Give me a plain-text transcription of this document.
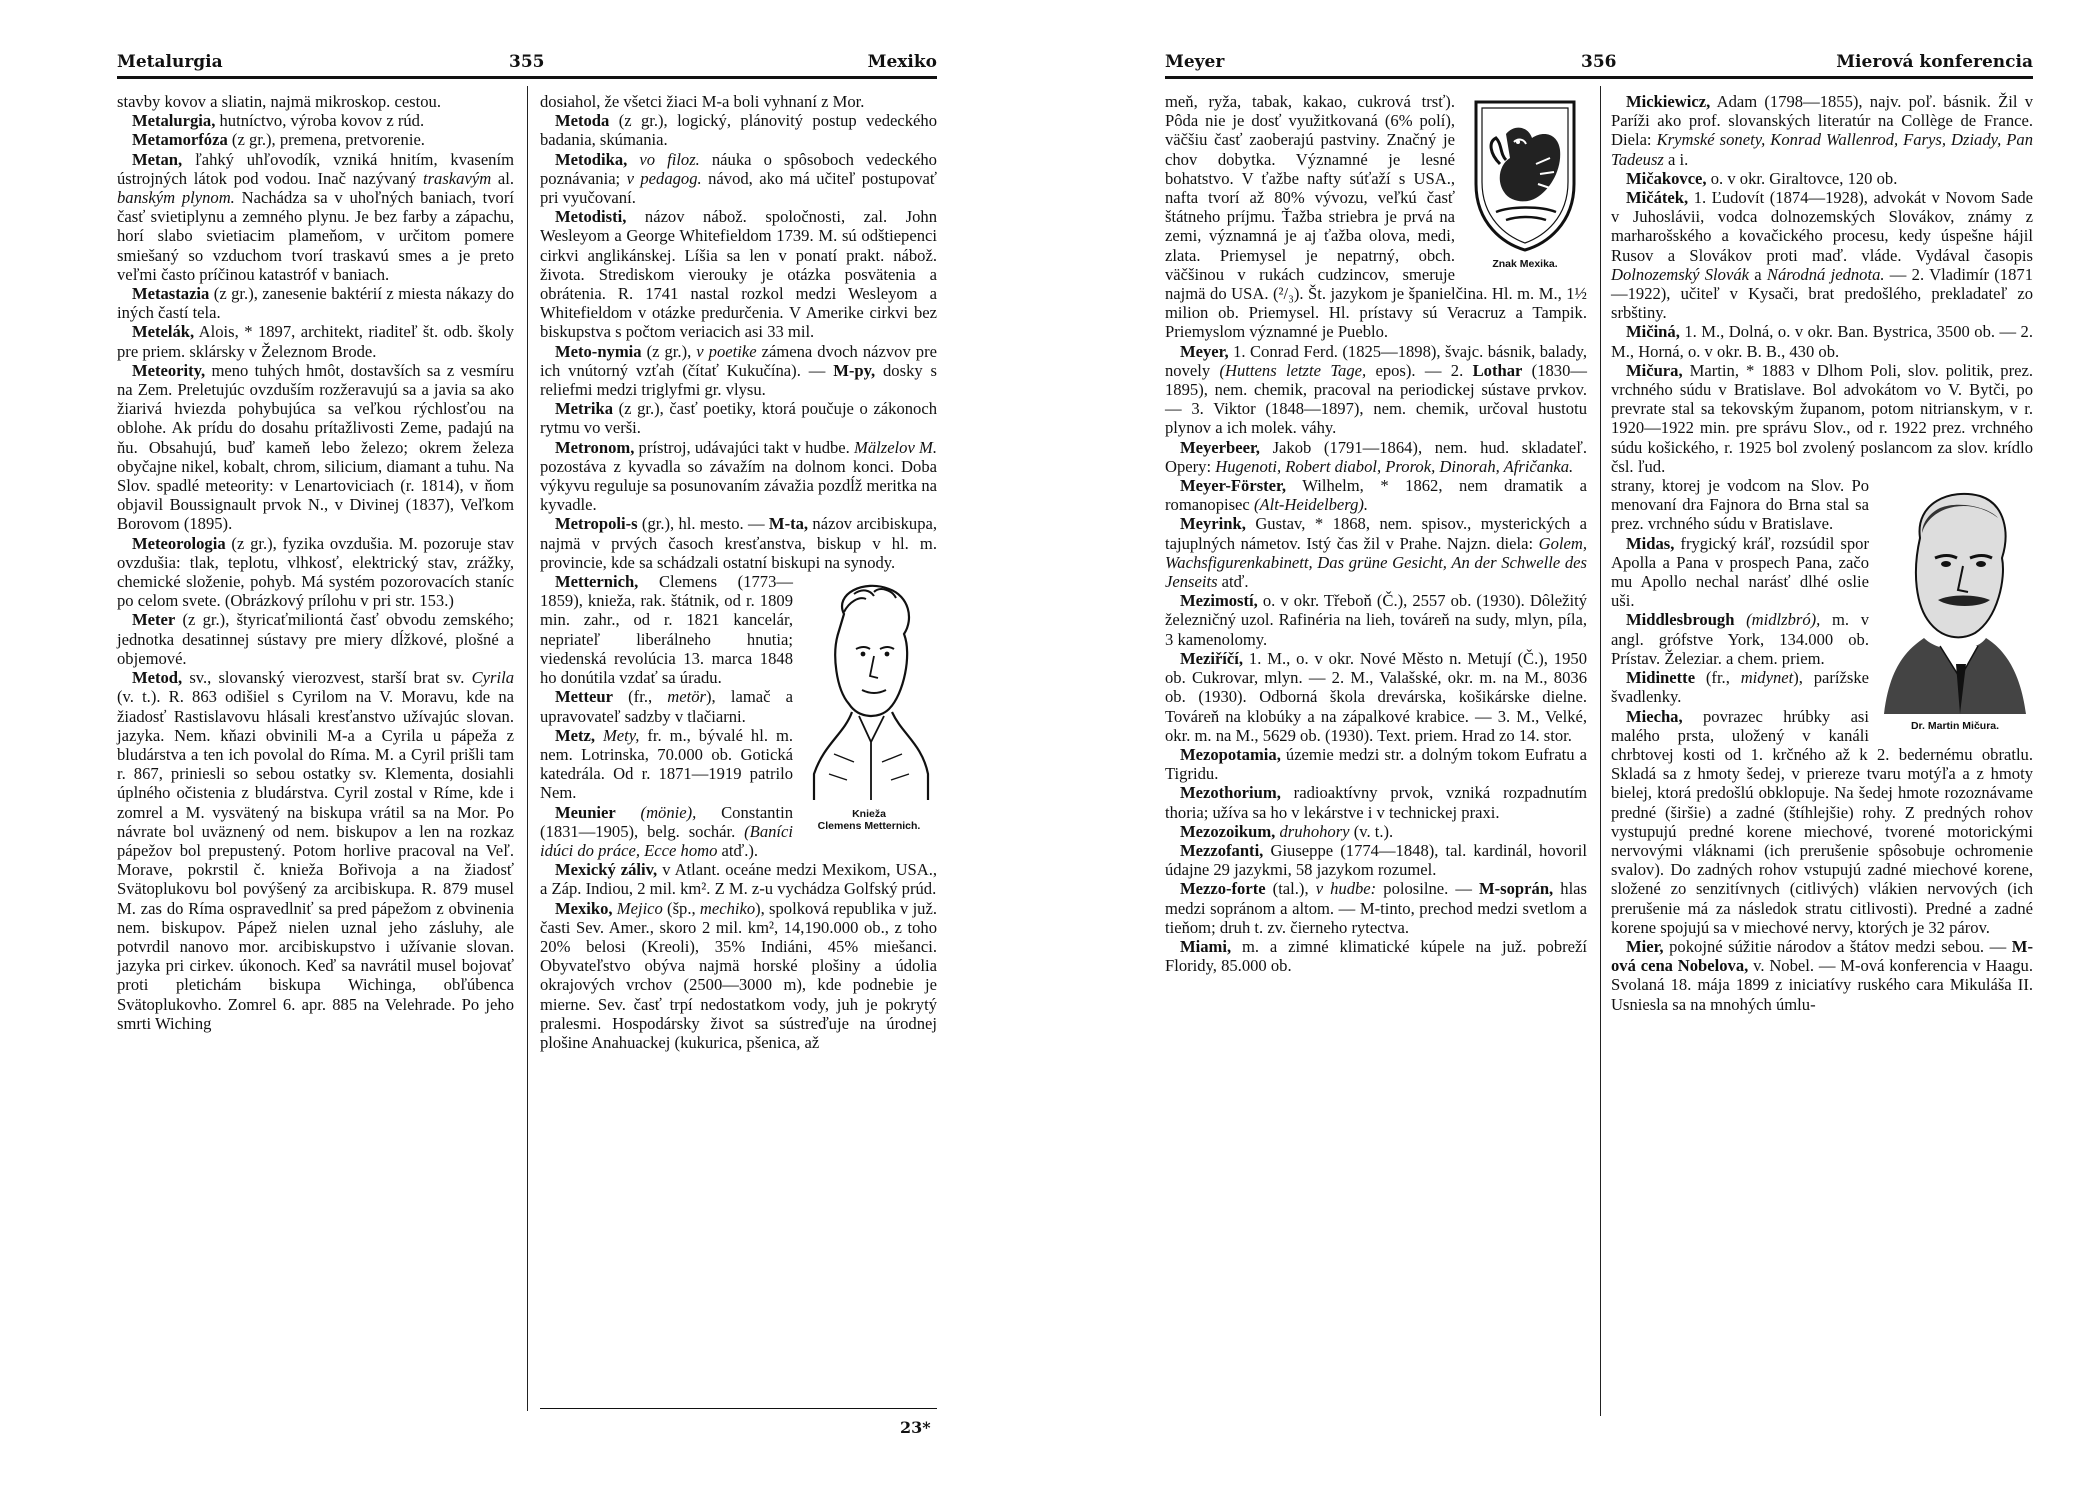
Metalurgia	355	Mexiko

stavby kovov a sliatin, najmä mikroskop. cestou.

Metalurgia, hutníctvo, výroba kovov z rúd.

Metamorfóza (z gr.), premena, pretvorenie.

Metan, ľahký uhľovodík, vzniká hnitím, kvasením ústrojných látok pod vodou. Inač nazývaný traskavým al. banským plynom. Nachádza sa v uhoľných baniach, tvorí časť svietiplynu a zemného plynu. Je bez farby a zápachu, horí slabo svietiacim plameňom, v určitom pomere smiešaný so vzduchom tvorí traskavú smes a je preto veľmi často príčinou katastróf v baniach.

Metastazia (z gr.), zanesenie baktérií z miesta nákazy do iných častí tela.

Metelák, Alois, * 1897, architekt, riaditeľ št. odb. školy pre priem. sklársky v Železnom Brode.

Meteority, meno tuhých hmôt, dostavších sa z vesmíru na Zem. Preletujúc ovzduším rozžeravujú sa a javia sa ako žiarivá hviezda pohybujúca sa veľkou rýchlosťou na oblohe. Ak prídu do dosahu prítažlivosti Zeme, padajú na ňu. Obsahujú, buď kameň lebo železo; okrem železa obyčajne nikel, kobalt, chrom, silicium, diamant a tuhu. Na Slov. spadlé meteority: v Lenartoviciach (r. 1814), v ňom objavil Boussignault prvok N., v Divinej (1837), Veľkom Borovom (1895).

Meteorologia (z gr.), fyzika ovzdušia. M. pozoruje stav ovzdušia: tlak, teplotu, vlhkosť, elektrický stav, zrážky, chemické složenie, pohyb. Má systém pozorovacích staníc po celom svete. (Obrázkový prílohu v pri str. 153.)

Meter (z gr.), štyricaťmiliontá časť obvodu zemského; jednotka desatinnej sústavy pre miery dĺžkové, plošné a objemové.

Metod, sv., slovanský vierozvest, starší brat sv. Cyrila (v. t.). R. 863 odišiel s Cyrilom na V. Moravu, kde na žiadosť Rastislavovu hlásali kresťanstvo užívajúc slovan. jazyka. Nem. kňazi obvinili M-a a Cyrila u pápeža z bludárstva a ten ich povolal do Ríma. M. a Cyril prišli tam r. 867, priniesli so sebou ostatky sv. Klementa, dosiahli úplného očistenia z bludárstva. Cyril zostal v Ríme, kde i zomrel a M. vysvätený na biskupa vrátil sa na Mor. Po návrate bol uväznený od nem. biskupov a len na rozkaz pápežov bol prepustený. Potom horlive pracoval na Veľ. Morave, pokrstil č. knieža Bořivoja a na žiadosť Svätoplukovu bol povýšený za arcibiskupa. R. 879 musel M. zas do Ríma ospravedlniť sa pred pápežom z obvinenia nem. biskupov. Pápež nielen uznal jeho zásluhy, ale potvrdil nanovo mor. arcibiskupstvo i užívanie slovan. jazyka pri cirkev. úkonoch. Keď sa navrátil musel bojovať proti pletichám biskupa Wichinga, obľúbenca Svätoplukovho. Zomrel 6. apr. 885 na Velehrade. Po jeho smrti Wiching

dosiahol, že všetci žiaci M-a boli vyhnaní z Mor.

Metoda (z gr.), logický, plánovitý postup vedeckého badania, skúmania.

Metodika, vo filoz. náuka o spôsoboch vedeckého poznávania; v pedagog. návod, ako má učiteľ postupovať pri vyučovaní.

Metodisti, názov nábož. spoločnosti, zal. John Wesleyom a George Whitefieldom 1739. M. sú odštiepenci cirkvi anglikánskej. Líšia sa len v ponatí prakt. nábož. života. Strediskom vierouky je otázka posvätenia a obrátenia. R. 1741 nastal rozkol medzi Wesleyom a Whitefieldom v otázke predurčenia. V Amerike cirkvi bez biskupstva s počtom veriacich asi 33 mil.

Meto-nymia (z gr.), v poetike zámena dvoch názvov pre ich vnútorný vzťah (čítať Kukučína). — M-py, dosky s reliefmi medzi triglyfmi gr. vlysu.

Metrika (z gr.), časť poetiky, ktorá poučuje o zákonoch rytmu vo verši.

Metronom, prístroj, udávajúci takt v hudbe. Mälzelov M. pozostáva z kyvadla so závažím na dolnom konci. Doba výkyvu reguluje sa posunovaním závažia pozdĺž meritka na kyvadle.

Metropoli-s (gr.), hl. mesto. — M-ta, názov arcibiskupa, najmä v prvých časoch kresťanstva, biskup v hl. m. provincie, kde sa schádzali ostatní biskupi na synody.

Knieža
Clemens Metternich.

Metternich, Clemens (1773—1859), knieža, rak. štátnik, od r. 1809 min. zahr., od r. 1821 kancelár, nepriateľ liberálneho hnutia; viedenská revolúcia 13. marca 1848 ho donútila vzdať sa úradu.

Metteur (fr., metör), lamač a upravovateľ sadzby v tlačiarni.

Metz, Mety, fr. m., bývalé hl. m. nem. Lotrinska, 70.000 ob. Gotická katedrála. Od r. 1871—1919 patrilo Nem.

Meunier (mönie), Constantin (1831—1905), belg. sochár. (Baníci idúci do práce, Ecce homo atď.).

Mexický záliv, v Atlant. oceáne medzi Mexikom, USA., a Záp. Indiou, 2 mil. km². Z M. z-u vychádza Golfský prúd.

Mexiko, Mejico (šp., mechiko), spolková republika v juž. časti Sev. Amer., skoro 2 mil. km², 14,190.000 ob., z toho 20% belosi (Kreoli), 35% Indiáni, 45% miešanci. Obyvateľstvo obýva najmä horské plošiny a údolia okrajových vrchov (2500—3000 m), kde podnebie je mierne. Sev. časť trpí nedostatkom vody, juh je pokrytý pralesmi. Hospodársky život sa sústreďuje na úrodnej plošine Anahuackej (kukurica, pšenica, až

23*
Meyer	356	Mierová konferencia
Znak Mexika.

meň, ryža, tabak, kakao, cukrová trsť). Pôda nie je dosť využitkovaná (6% polí), väčšiu časť zaoberajú pastviny. Značný je chov dobytka. Významné je lesné bohatstvo. V ťažbe nafty súťaží s USA., nafta tvorí až 80% vývozu, veľkú časť štátneho príjmu. Ťažba striebra je prvá na zemi, významná je aj ťažba olova, medi, zlata. Priemysel je nepatrný, obch. väčšinou v rukách cudzincov, smeruje najmä do USA. (²/₃). Št. jazykom je španielčina. Hl. m. M., 1½ milion ob. Priemysel. Hl. prístavy sú Veracruz a Tampik. Priemyslom významné je Pueblo.

Meyer, 1. Conrad Ferd. (1825—1898), švajc. básnik, balady, novely (Huttens letzte Tage, epos). — 2. Lothar (1830—1895), nem. chemik, pracoval na periodickej sústave prvkov. — 3. Viktor (1848—1897), nem. chemik, určoval hustotu plynov a ich molek. váhy.

Meyerbeer, Jakob (1791—1864), nem. hud. skladateľ. Opery: Hugenoti, Robert diabol, Prorok, Dinorah, Afričanka.

Meyer-Förster, Wilhelm, * 1862, nem dramatik a romanopisec (Alt-Heidelberg).

Meyrink, Gustav, * 1868, nem. spisov., mysterických a tajuplných námetov. Istý čas žil v Prahe. Najzn. diela: Golem, Wachsfigurenkabinett, Das grüne Gesicht, An der Schwelle des Jenseits atď.

Mezimostí, o. v okr. Třeboň (Č.), 2557 ob. (1930). Dôležitý železničný uzol. Rafinéria na lieh, továreň na sudy, mlyn, píla, 3 kamenolomy.

Meziříčí, 1. M., o. v okr. Nové Město n. Metují (Č.), 1950 ob. Cukrovar, mlyn. — 2. M., Valašské, okr. m. na M., 8036 ob. (1930). Odborná škola drevárska, košikárske dielne. Továreň na klobúky a na zápalkové krabice. — 3. M., Velké, okr. m. na M., 5629 ob. (1930). Text. priem. Hrad zo 14. stor.

Mezopotamia, územie medzi str. a dolným tokom Eufratu a Tigridu.

Mezothorium, radioaktívny prvok, vzniká rozpadnutím thoria; užíva sa ho v lekárstve i v technickej praxi.

Mezozoikum, druhohory (v. t.).

Mezzofanti, Giuseppe (1774—1848), tal. kardinál, hovoril údajne 29 jazykmi, 58 jazykom rozumel.

Mezzo-forte (tal.), v hudbe: polosilne. — M-soprán, hlas medzi sopránom a altom. — M-tinto, prechod medzi svetlom a tieňom; druh t. zv. čierneho rytectva.

Miami, m. a zimné klimatické kúpele na juž. pobreží Floridy, 85.000 ob.

Mickiewicz, Adam (1798—1855), najv. poľ. básnik. Žil v Paríži ako prof. slovanských literatúr na Collège de France. Diela: Krymské sonety, Konrad Wallenrod, Farys, Dziady, Pan Tadeusz a i.

Mičakovce, o. v okr. Giraltovce, 120 ob.

Mičátek, 1. Ľudovít (1874—1928), advokát v Novom Sade v Juhoslávii, vodca dolnozemských Slovákov, známy z marharošského a kovačického procesu, kedy úspešne hájil Rusov a Slovákov proti maď. vláde. Vydával časopis Dolnozemský Slovák a Národná jednota. — 2. Vladimír (1871—1922), učiteľ v Kysači, brat predošlého, prekladateľ zo srbštiny.

Mičiná, 1. M., Dolná, o. v okr. Ban. Bystrica, 3500 ob. — 2. M., Horná, o. v okr. B. B., 430 ob.

Mičura, Martin, * 1883 v Dlhom Poli, slov. politik, prez. vrchného súdu v Bratislave. Bol advokátom vo V. Bytči, po prevrate stal sa tekovským županom, potom nitrianskym, v r. 1920—1922 min. pre správu Slov., od r. 1922 prez. vrchného súdu košického, r. 1925 bol zvolený poslancom za slov. krídlo čsl. ľud.

Dr. Martin Mičura.

strany, ktorej je vodcom na Slov. Po menovaní dra Fajnora do Brna stal sa prez. vrchného súdu v Bratislave.

Midas, frygický kráľ, rozsúdil spor Apolla a Pana v prospech Pana, začo mu Apollo nechal narásť dlhé oslie uši.

Middlesbrough (midlzbró), m. v angl. grófstve York, 134.000 ob. Prístav. Železiar. a chem. priem.

Midinette (fr., midynet), parížske švadlenky.

Miecha, povrazec hrúbky asi malého prsta, uložený v kanáli chrbtovej kosti od 1. krčného až k 2. bedernému obratlu. Skladá sa z hmoty šedej, v priereze tvaru motýľa a z hmoty bielej, ktorá predošlú obklopuje. Na šedej hmote rozoznávame predné (širšie) a zadné (štíhlejšie) rohy. Z predných rohov vystupujú predné korene miechové, tvorené motorickými nervovými vláknami (ich prerušenie spôsobuje ochromenie svalov). Do zadných rohov vstupujú zadné miechové korene, složené zo senzitívnych (citlivých) vlákien nervových (ich prerušenie má za následok stratu citlivosti). Predné a zadné korene spojujú sa v miechové nervy, ktorých je 32 párov.

Mier, pokojné súžitie národov a štátov medzi sebou. — M-ová cena Nobelova, v. Nobel. — M-ová konferencia v Haagu. Svolaná 18. mája 1899 z iniciatívy ruského cara Mikuláša II. Usniesla sa na mnohých úmlu-
